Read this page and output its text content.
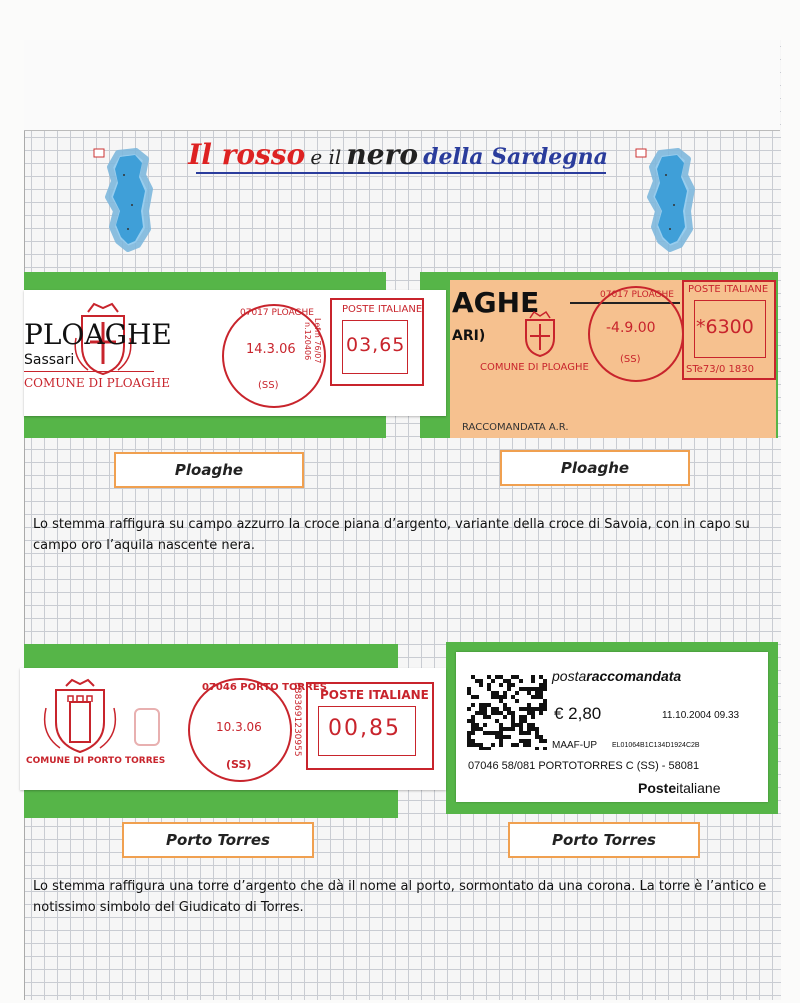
Il rosso e il nero della Sardegna
PLOAGHE
Sassari
COMUNE DI PLOAGHE
07017 PLOAGHE
14.3.06
(SS)
Lefm 76/07
n.120406
POSTE ITALIANE
03,65
AGHE
ARI)
COMUNE DI PLOAGHE
07017 PLOAGHE
-4.9.00
(SS)
POSTE ITALIANE
*6300
STe73/0 1830
RACCOMANDATA A.R.
Ploaghe	Ploaghe
Lo stemma raffigura su campo azzurro la croce piana d’argento, variante della croce di Savoia, con in capo su campo oro l’aquila nascente nera.
COMUNE DI PORTO TORRES
07046 PORTO TORRES
10.3.06
(SS)
PB83691230955 POSTE ITALIANE
00,85
postaraccomandata
€ 2,80	11.10.2004 09.33
MAAF-UP EL01064B1C134D1924C2B
07046 58/081 PORTOTORRES C (SS) - 58081
Posteitaliane
Porto Torres	Porto Torres
Lo stemma raffigura una torre d’argento che dà il nome al porto, sormontato da una corona. La torre è l’antico e notissimo simbolo del Giudicato di Torres.
